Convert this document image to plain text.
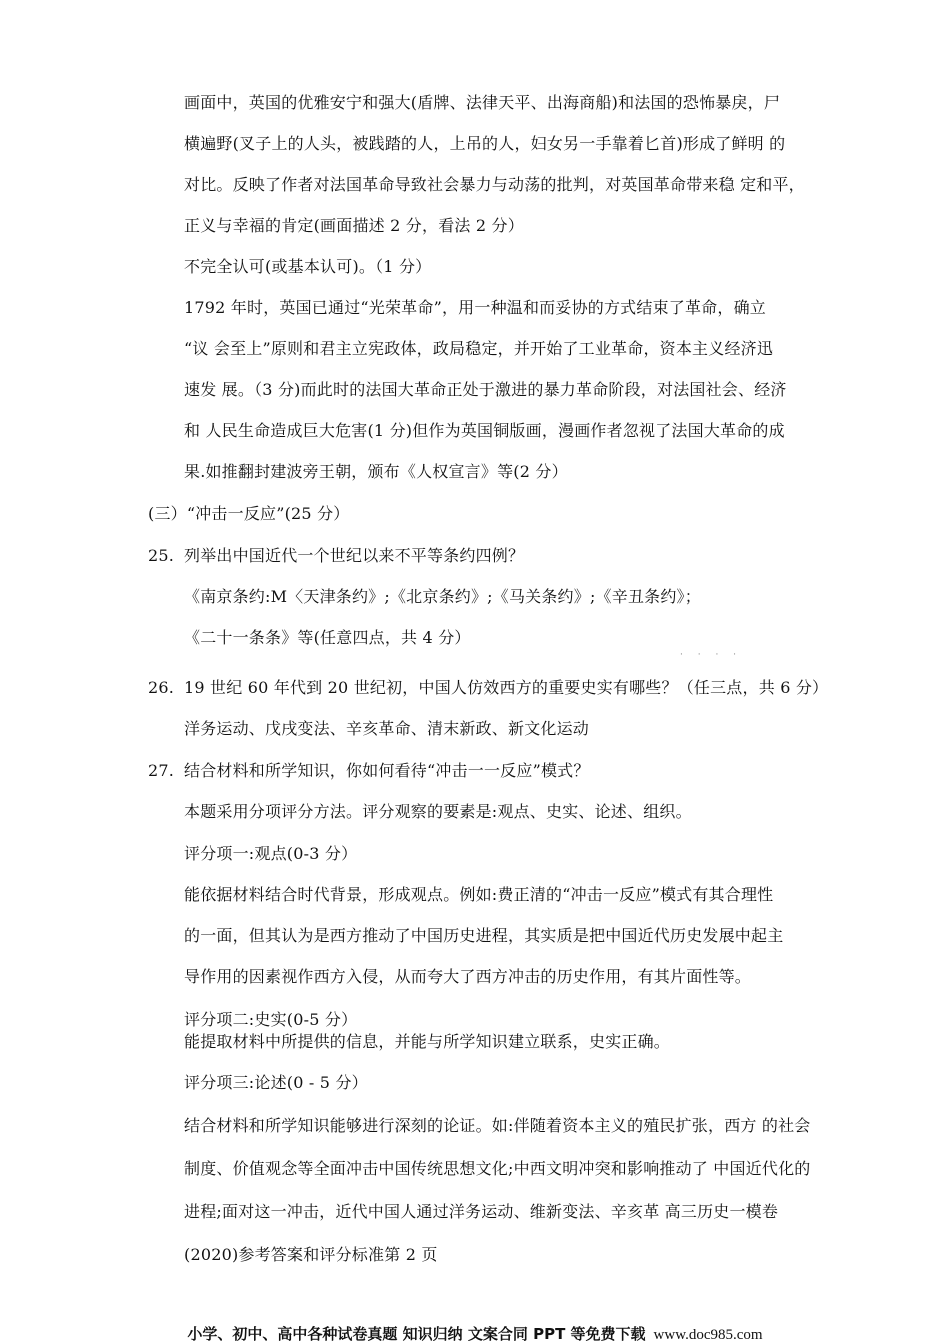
画面中，英国的优雅安宁和强大(盾牌、法律天平、出海商船)和法国的恐怖暴戾，尸
横遍野(叉子上的人头，被践踏的人，上吊的人，妇女另一手靠着匕首)形成了鲜明 的
对比。反映了作者对法国革命导致社会暴力与动荡的批判，对英国革命带来稳 定和平，
正义与幸福的肯定(画面描述 2 分，看法 2 分）
不完全认可(或基本认可)。（1 分）
1792 年时，英国已通过“光荣革命”，用一种温和而妥协的方式结束了革命，确立
“议 会至上”原则和君主立宪政体，政局稳定，并开始了工业革命，资本主义经济迅
速发 展。（3 分)而此时的法国大革命正处于激进的暴力革命阶段，对法国社会、经济
和 人民生命造成巨大危害(1 分)但作为英国铜版画，漫画作者忽视了法国大革命的成
果.如推翻封建波旁王朝，颁布《人权宣言》等(2 分）
(三）“冲击一反应”(25 分）
25. 列举出中国近代一个世纪以来不平等条约四例？
《南京条约:M〈天津条约》;《北京条约》;《马关条约》;《辛丑条约》；
《二十一条条》等(任意四点，共 4 分）
· · · ·
26. 19 世纪 60 年代到 20 世纪初，中国人仿效西方的重要史实有哪些？（任三点，共 6 分）
洋务运动、戊戌变法、辛亥革命、清末新政、新文化运动
27. 结合材料和所学知识，你如何看待“冲击一一反应”模式？
本题采用分项评分方法。评分观察的要素是:观点、史实、论述、组织。
评分项一:观点(0-3 分）
能依据材料结合时代背景，形成观点。例如:费正清的“冲击一反应”模式有其合理性
的一面，但其认为是西方推动了中国历史进程，其实质是把中国近代历史发展中起主
导作用的因素视作西方入侵，从而夸大了西方冲击的历史作用，有其片面性等。
评分项二:史实(0-5 分）
能提取材料中所提供的信息，并能与所学知识建立联系，史实正确。
评分项三:论述(0 - 5 分）
结合材料和所学知识能够进行深刻的论证。如:伴随着资本主义的殖民扩张，西方 的社会
制度、价值观念等全面冲击中国传统思想文化;中西文明冲突和影响推动了 中国近代化的
进程;面对这一冲击，近代中国人通过洋务运动、维新变法、辛亥革 高三历史一模卷
(2020)参考答案和评分标准第 2 页
小学、初中、高中各种试卷真题 知识归纳 文案合同 PPT 等免费下载 www.doc985.com
